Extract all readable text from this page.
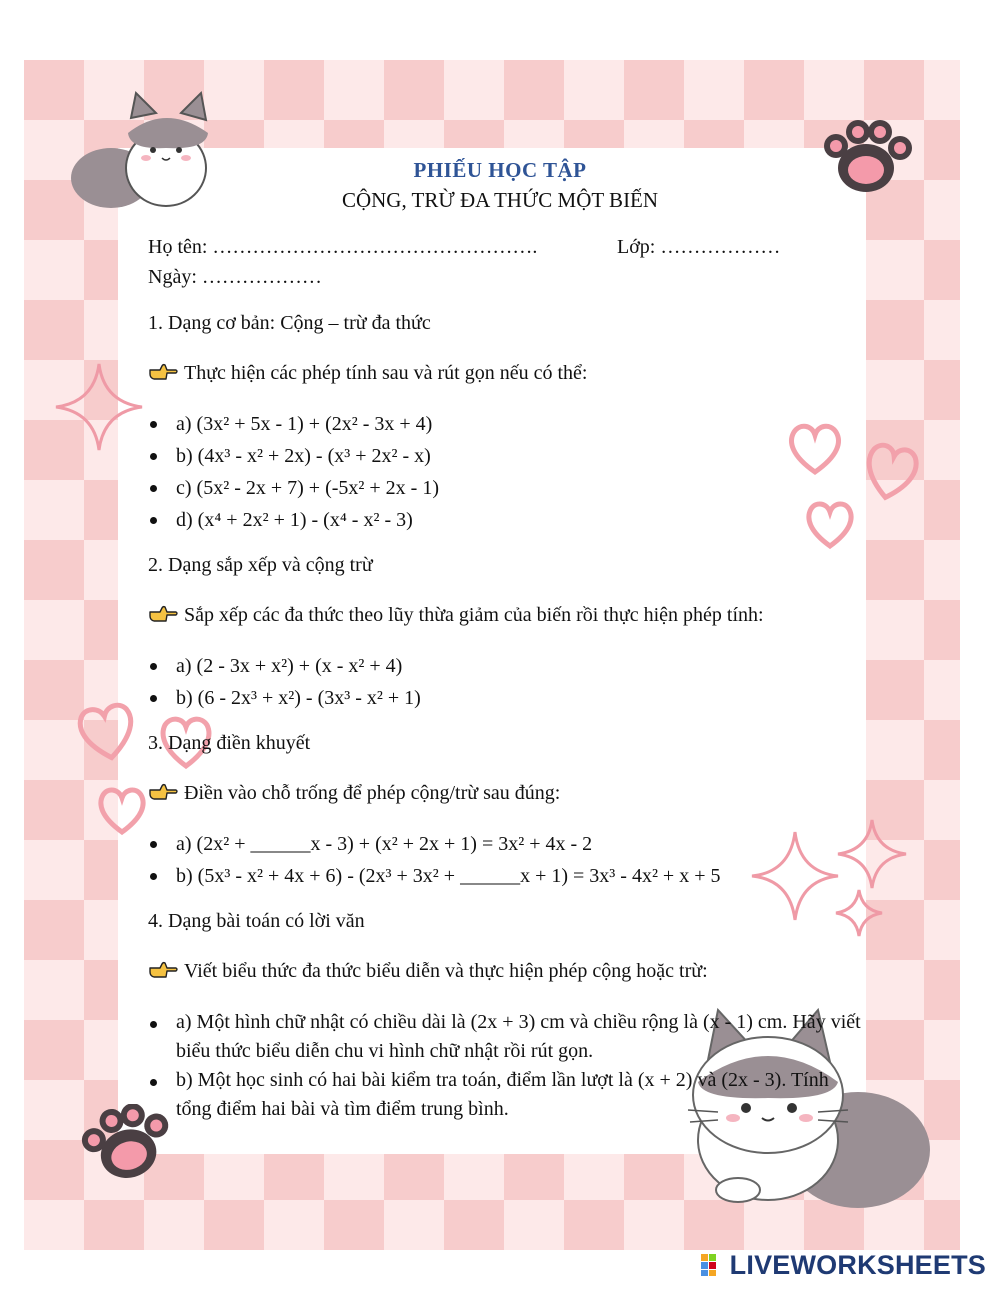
PHIẾU HỌC TẬP
CỘNG, TRỪ ĐA THỨC MỘT BIẾN
Họ tên: ………………………………………….	Lớp: ………………
Ngày: ………………
1. Dạng cơ bản: Cộng – trừ đa thức
Thực hiện các phép tính sau và rút gọn nếu có thể:
a) (3x² + 5x - 1) + (2x² - 3x + 4)
b) (4x³ - x² + 2x) - (x³ + 2x² - x)
c) (5x² - 2x + 7) + (-5x² + 2x - 1)
d) (x⁴ + 2x² + 1) - (x⁴ - x² - 3)
2. Dạng sắp xếp và cộng trừ
Sắp xếp các đa thức theo lũy thừa giảm của biến rồi thực hiện phép tính:
a) (2 - 3x + x²) + (x - x² + 4)
b) (6 - 2x³ + x²) - (3x³ - x² + 1)
3. Dạng điền khuyết
Điền vào chỗ trống để phép cộng/trừ sau đúng:
a) (2x² + ______x - 3) + (x² + 2x + 1) = 3x² + 4x - 2
b) (5x³ - x² + 4x + 6) - (2x³ + 3x² + ______x + 1) = 3x³ - 4x² + x + 5
4. Dạng bài toán có lời văn
Viết biểu thức đa thức biểu diễn và thực hiện phép cộng hoặc trừ:
a) Một hình chữ nhật có chiều dài là (2x + 3) cm và chiều rộng là (x - 1) cm. Hãy viết biểu thức biểu diễn chu vi hình chữ nhật rồi rút gọn.
b) Một học sinh có hai bài kiểm tra toán, điểm lần lượt là (x + 2) và (2x - 3). Tính tổng điểm hai bài và tìm điểm trung bình.
LIVEWORKSHEETS
